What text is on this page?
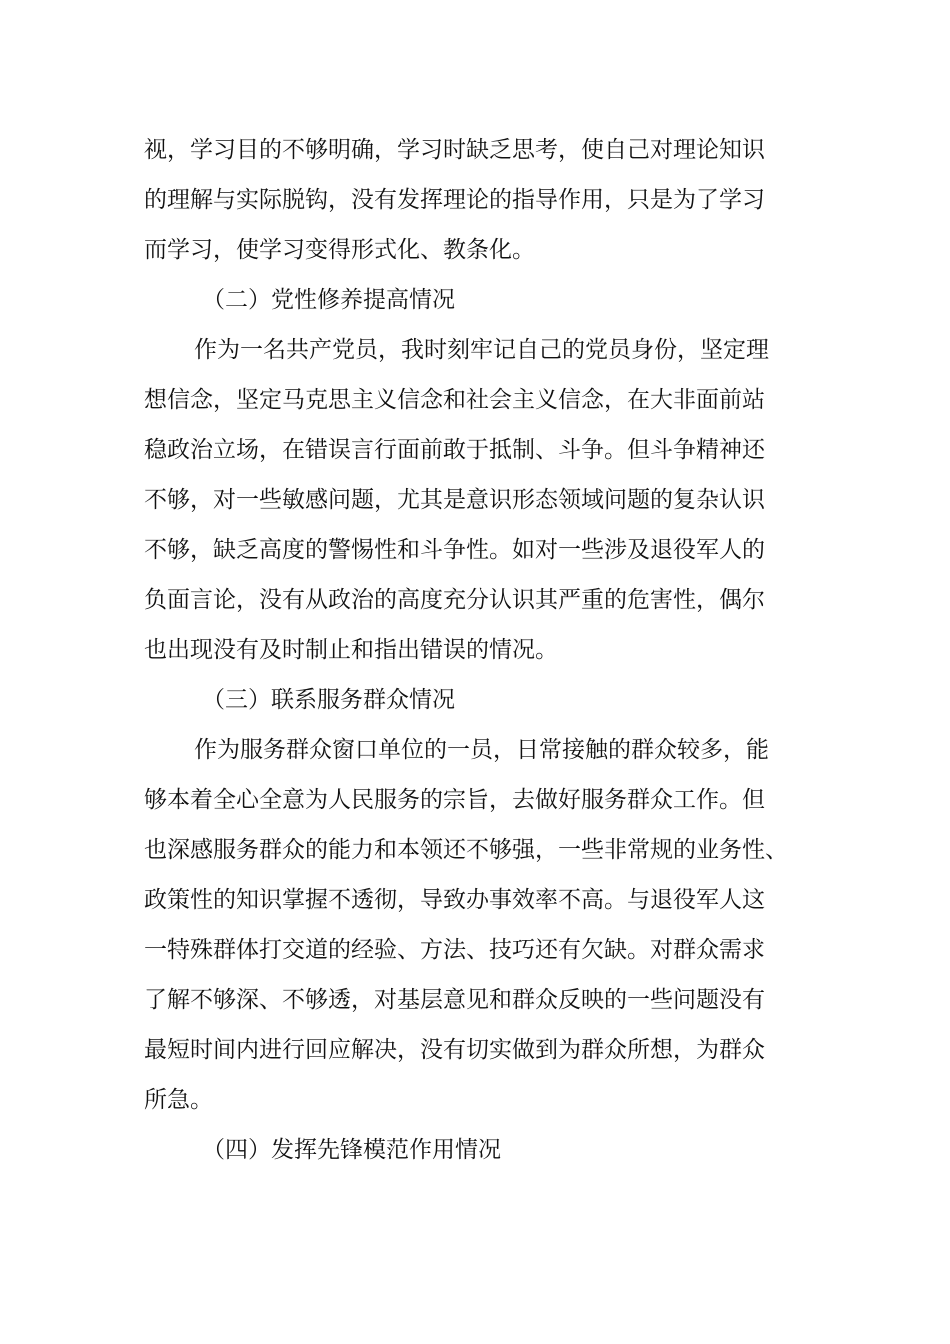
视，学习目的不够明确，学习时缺乏思考，使自己对理论知识
的理解与实际脱钩，没有发挥理论的指导作用，只是为了学习
而学习，使学习变得形式化、教条化。
（二）党性修养提高情况
作为一名共产党员，我时刻牢记自己的党员身份，坚定理
想信念，坚定马克思主义信念和社会主义信念，在大非面前站
稳政治立场，在错误言行面前敢于抵制、斗争。但斗争精神还
不够，对一些敏感问题，尤其是意识形态领域问题的复杂认识
不够，缺乏高度的警惕性和斗争性。如对一些涉及退役军人的
负面言论，没有从政治的高度充分认识其严重的危害性，偶尔
也出现没有及时制止和指出错误的情况。
（三）联系服务群众情况
作为服务群众窗口单位的一员，日常接触的群众较多，能
够本着全心全意为人民服务的宗旨，去做好服务群众工作。但
也深感服务群众的能力和本领还不够强，一些非常规的业务性、
政策性的知识掌握不透彻，导致办事效率不高。与退役军人这
一特殊群体打交道的经验、方法、技巧还有欠缺。对群众需求
了解不够深、不够透，对基层意见和群众反映的一些问题没有
最短时间内进行回应解决，没有切实做到为群众所想，为群众
所急。
（四）发挥先锋模范作用情况
